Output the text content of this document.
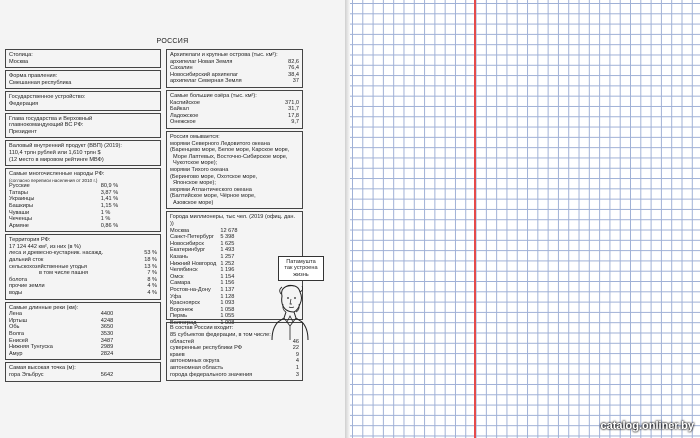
РОССИЯ
Столица:
Москва
Форма правления:
Смешанная республика
Государственное устройство:
Федерация
Глава государства и Верховный
главнокомандующий ВС РФ:
Президент
Валовый внутренний продукт (ВВП) (2019):
110,4 трлн рублей или 1,610 трлн $
(12 место в мировом рейтинге МВФ)
Самые многочисленные народы РФ:
(согласно переписи населения от 2010 г.)
Русские	80,9 %
Татары	3,87 %
Украинцы	1,41 %
Башкиры	1,15 %
Чуваши	1 %
Чеченцы	1 %
Армяне	0,86 %
Территория РФ:
17 124 442 км², из них (в %)
леса и древесно-кустарник. насажд.	53 %
дальний сток	18 %
сельскохозяйственные угодья	13 %
в том числе пашня	7 %
болота	8 %
прочие земли	4 %
воды	4 %
Самые длинные реки (км):
Лена	4400
Иртыш	4248
Обь	3650
Волга	3530
Енисей	3487
Нижняя Тунгуска	2989
Амур	2824
Самая высокая точка (м):
гора Эльбрус	5642
Архипелаги и крупные острова (тыс. км²):
архипелаг Новая Земля	82,6
Сахалин	76,4
Новосибирский архипелаг	38,4
архипелаг Северная Земля	37
Самые большие озёра (тыс. км²):
Каспийское	371,0
Байкал	31,7
Ладожское	17,8
Онежское	9,7
Россия омывается:
морями Северного Ледовитого океана
(Баренцево море, Белое море, Карское море,
Море Лаптевых, Восточно-Сибирское море,
Чукотское море);
морями Тихого океана
(Берингово море, Охотское море,
Японское море);
морями Атлантического океана
(Балтийское море, Чёрное море,
Азовское море)
Города миллионеры, тыс чел. (2019 (офиц. дан. ))
Москва	12 678
Санкт-Петербург	5 398
Новосибирск	1 625
Екатеринбург	1 493
Казань	1 257
Нижний Новгород 1 252
Челябинск	1 196
Омск	1 154
Самара	1 156
Ростов-на-Дону	1 137
Уфа	1 128
Красноярск	1 093
Воронеж	1 058
Пермь	1 055
Волгоград	1 008
В состав России входит:
85 субъектов федерации, в том числе:
областей	46
суверенные республики РФ	22
краев	9
автономных округа	4
автономная область	1
города федерального значения	3
Патамушта
так устроена
жизнь
catalog.onliner.by
